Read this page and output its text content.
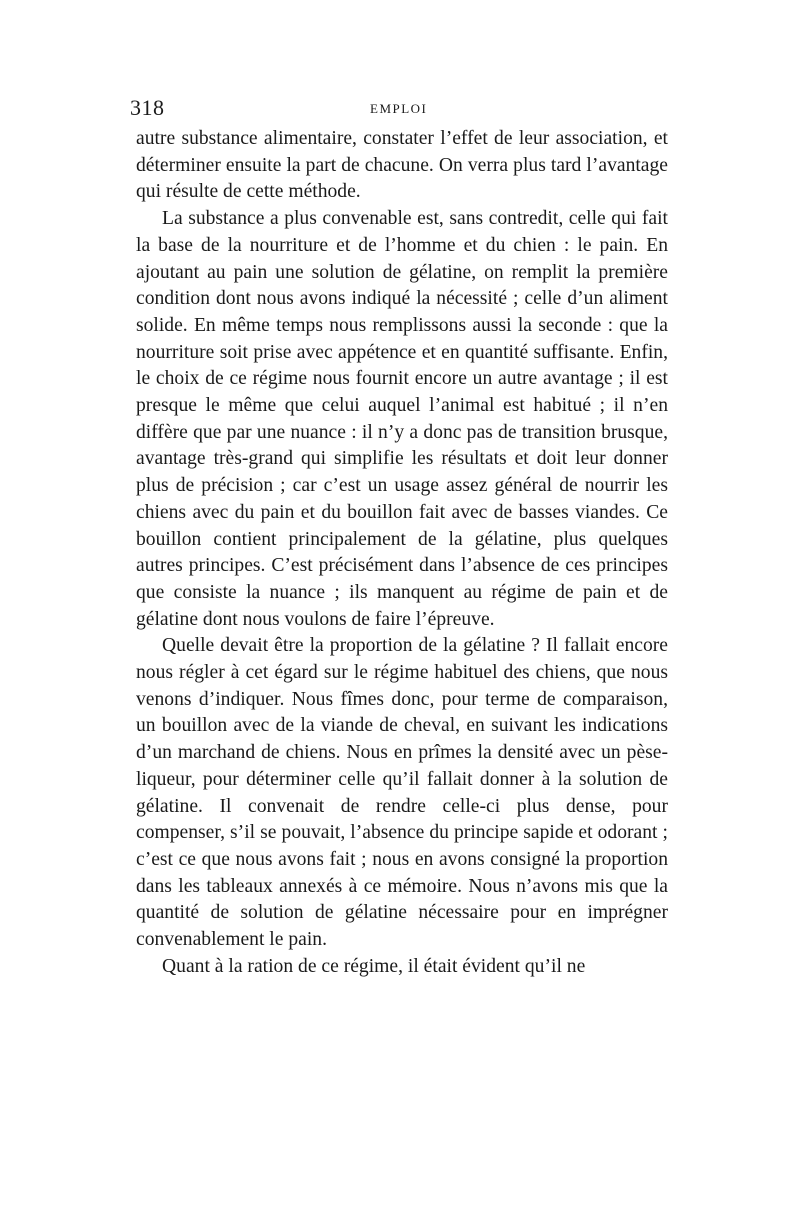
318	EMPLOI

autre substance alimentaire, constater l’effet de leur association, et déterminer ensuite la part de chacune. On verra plus tard l’avantage qui résulte de cette méthode.

La substance a plus convenable est, sans contredit, celle qui fait la base de la nourriture et de l’homme et du chien : le pain. En ajoutant au pain une solution de gélatine, on remplit la première condition dont nous avons indiqué la nécessité ; celle d’un aliment solide. En même temps nous remplissons aussi la seconde : que la nourriture soit prise avec appétence et en quantité suffisante. Enfin, le choix de ce régime nous fournit encore un autre avantage ; il est presque le même que celui auquel l’animal est habitué ; il n’en diffère que par une nuance : il n’y a donc pas de transition brusque, avantage très-grand qui simplifie les résultats et doit leur donner plus de précision ; car c’est un usage assez général de nourrir les chiens avec du pain et du bouillon fait avec de basses viandes. Ce bouillon contient principalement de la gélatine, plus quelques autres principes. C’est précisément dans l’absence de ces principes que consiste la nuance ; ils manquent au régime de pain et de gélatine dont nous voulons de faire l’épreuve.

Quelle devait être la proportion de la gélatine ? Il fallait encore nous régler à cet égard sur le régime habituel des chiens, que nous venons d’indiquer. Nous fîmes donc, pour terme de comparaison, un bouillon avec de la viande de cheval, en suivant les indications d’un marchand de chiens. Nous en prîmes la densité avec un pèse-liqueur, pour déterminer celle qu’il fallait donner à la solution de gélatine. Il convenait de rendre celle-ci plus dense, pour compenser, s’il se pouvait, l’absence du principe sapide et odorant ; c’est ce que nous avons fait ; nous en avons consigné la proportion dans les tableaux annexés à ce mémoire. Nous n’avons mis que la quantité de solution de gélatine nécessaire pour en imprégner convenablement le pain.

Quant à la ration de ce régime, il était évident qu’il ne
